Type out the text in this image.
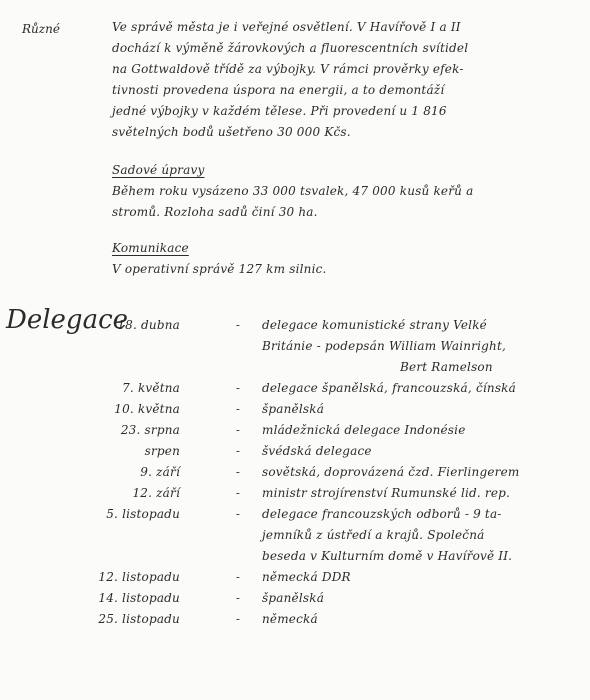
Různé	Ve správě města je i veřejné osvětlení. V Havířově I a II
dochází k výměně žárovkových a fluorescentních svítidel
na Gottwaldově třídě za výbojky. V rámci prověrky efek-
tivnosti provedena úspora na energii, a to demontáží
jedné výbojky v každém tělese. Při provedení u 1 816
světelných bodů ušetřeno 30 000 Kčs.
Sadové úpravy
Během roku vysázeno 33 000 tsvalek, 47 000 kusů keřů a
stromů. Rozloha sadů činí 30 ha.
Komunikace
V operativní správě 127 km silnic.
Delegace
18. dubna	-	delegace komunistické strany Velké
Británie - podepsán William Wainright,
Bert Ramelson
7. května	-	delegace španělská, francouzská, čínská
10. května	-	španělská
23. srpna	-	mládežnická delegace Indonésie
srpen	-	švédská delegace
9. září	-	sovětská, doprovázená čzd. Fierlingerem
12. září	-	ministr strojírenství Rumunské lid. rep.
5. listopadu	-	delegace francouzských odborů - 9 ta-
jemníků z ústředí a krajů. Společná
beseda v Kulturním domě v Havířově II.
12. listopadu	-	německá DDR
14. listopadu	-	španělská
25. listopadu	-	německá
